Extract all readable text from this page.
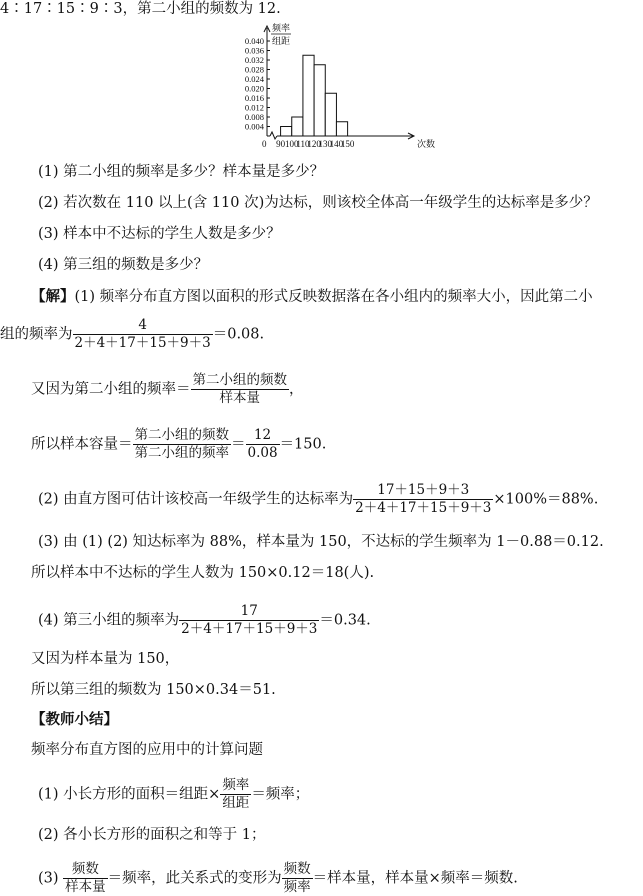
4∶17∶15∶9∶3，第二小组的频数为 12.
0.004
0.008
0.012
0.016
0.020
0.024
0.028
0.032
0.036
0.040
0 90 100
110
120
130
140
150	次数
频率
组距
(1) 第二小组的频率是多少？样本量是多少？
(2) 若次数在 110 以上(含 110 次)为达标，则该校全体高一年级学生的达标率是多少？
(3) 样本中不达标的学生人数是多少？
(4) 第三组的频数是多少？
【解】(1) 频率分布直方图以面积的形式反映数据落在各小组内的频率大小，因此第二小
组的频率为 $\frac{4}{2+4+17+15+9+3} =0.08$.
又因为第二小组的频率＝ $\frac{\text{第二小组的频数}}{\text{样本量}}$ ，
所以样本容量＝ $\frac{\text{第二小组的频数}}{\text{第二小组的频率}} = \frac{12}{0.08} =150$.
(2) 由直方图可估计该校高一年级学生的达标率为 $\frac{17+15+9+3}{2+4+17+15+9+3} \times 100\%=88\%$.
(3) 由 (1) (2) 知达标率为 88%，样本量为 150，不达标的学生频率为 1－0.88＝0.12.
所以样本中不达标的学生人数为 150×0.12＝18(人).
(4) 第三小组的频率为 $\frac{17}{2+4+17+15+9+3} =0.34$.
又因为样本量为 150，
所以第三组的频数为 150×0.34＝51.
【教师小结】
频率分布直方图的应用中的计算问题
(1) 小长方形的面积＝组距× $\frac{\text{频率}}{\text{组距}}$ ＝频率；
(2) 各小长方形的面积之和等于 1；
$(3) \frac{\text{频数}}{\text{样本量}}$ ＝频率，此关系式的变形为 $\frac{\text{频数}}{\text{频率}}$ ＝样本量，样本量×频率＝频数.
